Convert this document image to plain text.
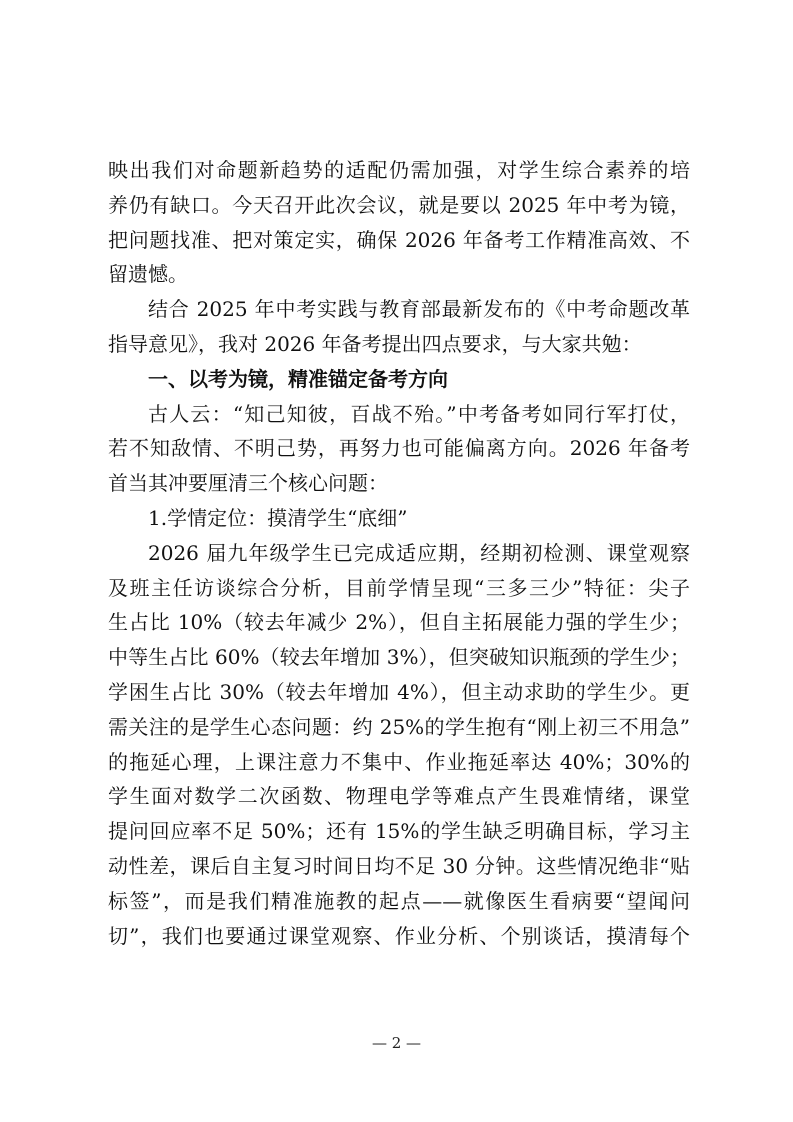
映出我们对命题新趋势的适配仍需加强，对学生综合素养的培
养仍有缺口。今天召开此次会议，就是要以 2025 年中考为镜，
把问题找准、把对策定实，确保 2026 年备考工作精准高效、不
留遗憾。
结合 2025 年中考实践与教育部最新发布的《中考命题改革
指导意见》，我对 2026 年备考提出四点要求，与大家共勉：
一、以考为镜，精准锚定备考方向
古人云：“知己知彼，百战不殆。”中考备考如同行军打仗，
若不知敌情、不明己势，再努力也可能偏离方向。2026 年备考
首当其冲要厘清三个核心问题：
1.学情定位：摸清学生“底细”
2026 届九年级学生已完成适应期，经期初检测、课堂观察
及班主任访谈综合分析，目前学情呈现“三多三少”特征：尖子
生占比 10%（较去年减少 2%），但自主拓展能力强的学生少；
中等生占比 60%（较去年增加 3%），但突破知识瓶颈的学生少；
学困生占比 30%（较去年增加 4%），但主动求助的学生少。更
需关注的是学生心态问题：约 25%的学生抱有“刚上初三不用急”
的拖延心理，上课注意力不集中、作业拖延率达 40%；30%的
学生面对数学二次函数、物理电学等难点产生畏难情绪，课堂
提问回应率不足 50%；还有 15%的学生缺乏明确目标，学习主
动性差，课后自主复习时间日均不足 30 分钟。这些情况绝非“贴
标签”，而是我们精准施教的起点——就像医生看病要“望闻问
切”，我们也要通过课堂观察、作业分析、个别谈话，摸清每个
— 2 —
